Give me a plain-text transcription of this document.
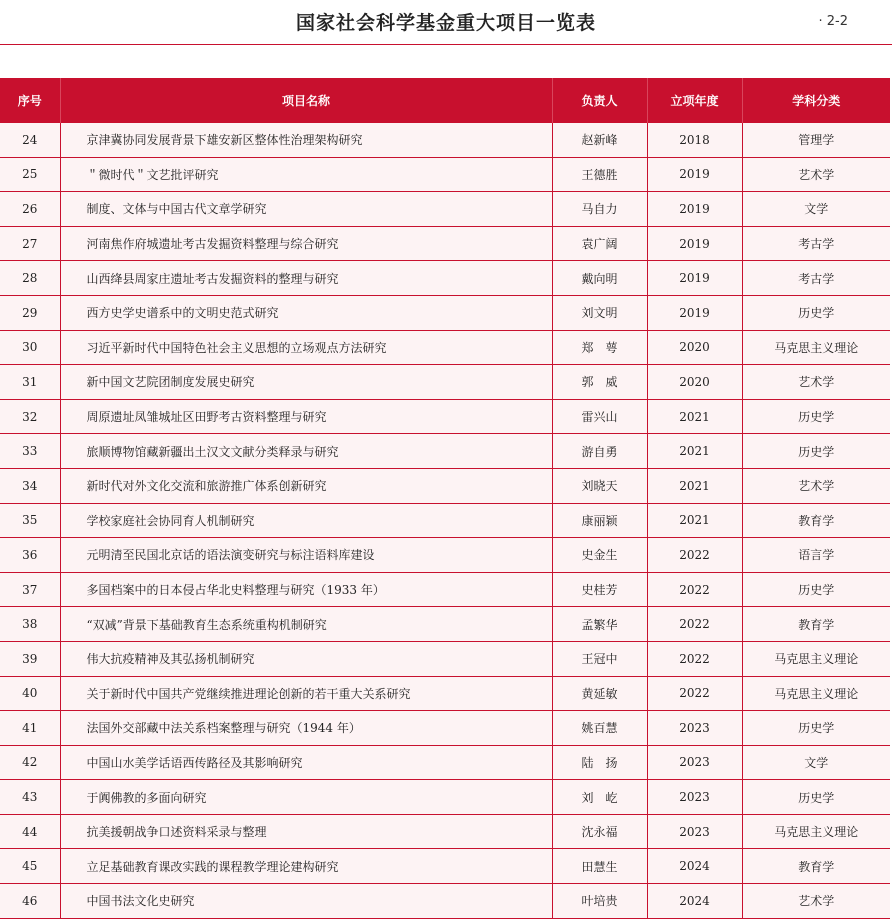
国家社会科学基金重大项目一览表	· 2-2
序号	项目名称	负责人	立项年度	学科分类
24	京津冀协同发展背景下雄安新区整体性治理架构研究	赵新峰	2018	管理学
25	＂微时代＂文艺批评研究	王德胜	2019	艺术学
26	制度、文体与中国古代文章学研究	马自力	2019	文学
27	河南焦作府城遗址考古发掘资料整理与综合研究	袁广阔	2019	考古学
28	山西绛县周家庄遗址考古发掘资料的整理与研究	戴向明	2019	考古学
29	西方史学史谱系中的文明史范式研究	刘文明	2019	历史学
30	习近平新时代中国特色社会主义思想的立场观点方法研究	郑　萼	2020	马克思主义理论
31	新中国文艺院团制度发展史研究	郭　威	2020	艺术学
32	周原遗址凤雏城址区田野考古资料整理与研究	雷兴山	2021	历史学
33	旅顺博物馆藏新疆出土汉文文献分类释录与研究	游自勇	2021	历史学
34	新时代对外文化交流和旅游推广体系创新研究	刘晓天	2021	艺术学
35	学校家庭社会协同育人机制研究	康丽颖	2021	教育学
36	元明清至民国北京话的语法演变研究与标注语料库建设	史金生	2022	语言学
37	多国档案中的日本侵占华北史料整理与研究（1933 年）	史桂芳	2022	历史学
38	“双减”背景下基础教育生态系统重构机制研究	孟繁华	2022	教育学
39	伟大抗疫精神及其弘扬机制研究	王冠中	2022	马克思主义理论
40	关于新时代中国共产党继续推进理论创新的若干重大关系研究	黄延敏	2022	马克思主义理论
41	法国外交部藏中法关系档案整理与研究（1944 年）	姚百慧	2023	历史学
42	中国山水美学话语西传路径及其影响研究	陆　扬	2023	文学
43	于阗佛教的多面向研究	刘　屹	2023	历史学
44	抗美援朝战争口述资料采录与整理	沈永福	2023	马克思主义理论
45	立足基础教育课改实践的课程教学理论建构研究	田慧生	2024	教育学
46	中国书法文化史研究	叶培贵	2024	艺术学
